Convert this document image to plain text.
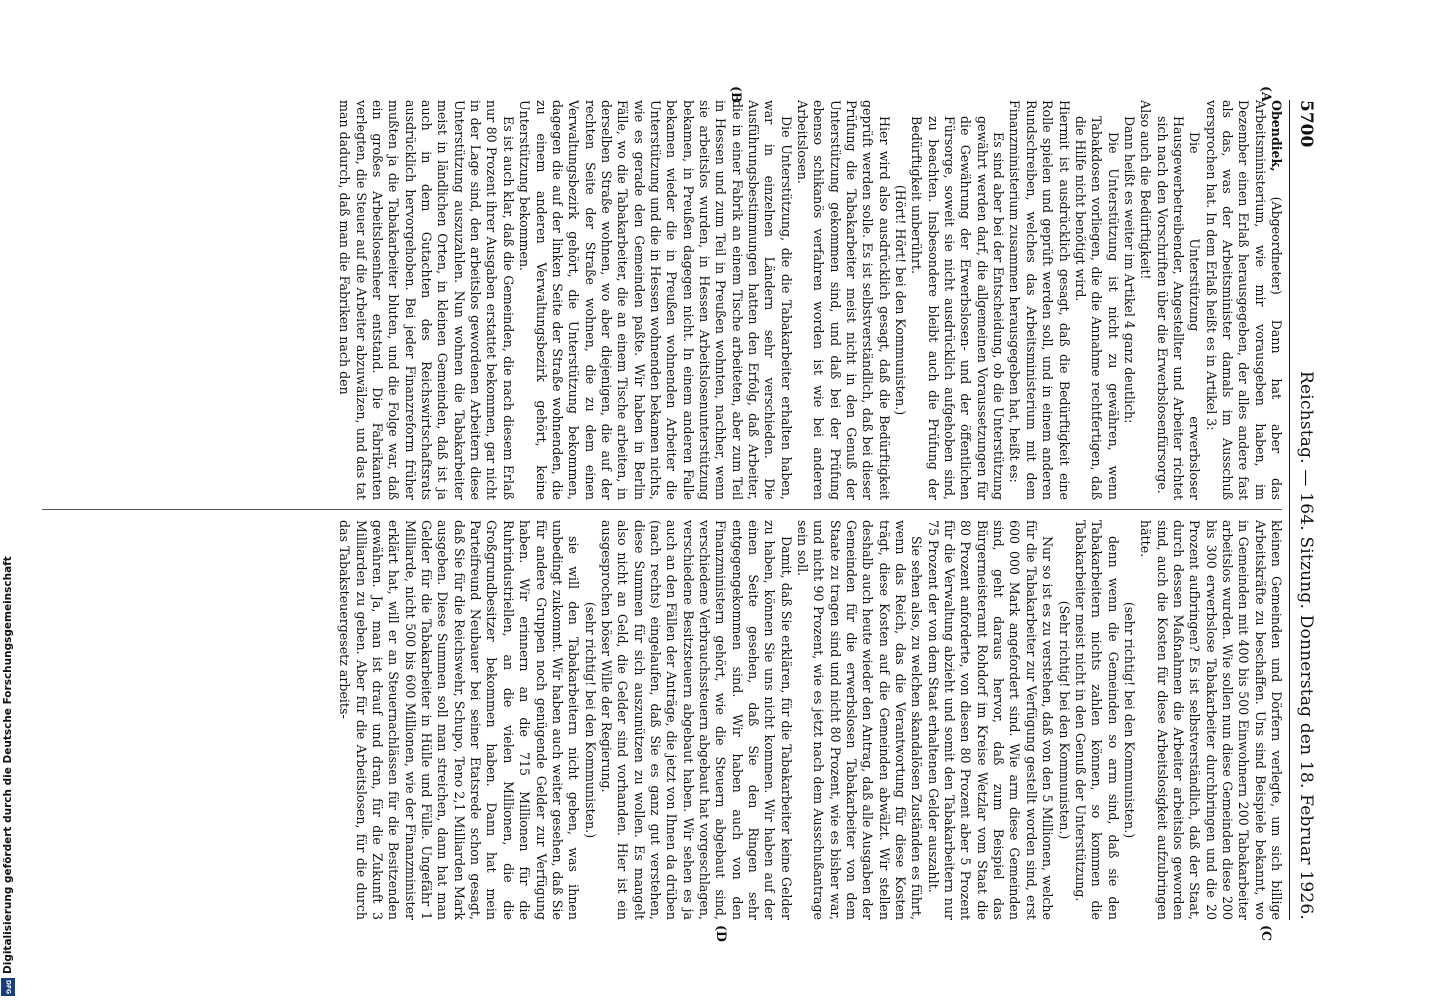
5700
Reichstag. — 164. Sitzung. Donnerstag den 18. Februar 1926.
(A
(B
(C
(D

Obendiek, (Abgeordneter) Dann hat aber das Arbeitsministerium, wie mir vorausgeben haben, im Dezember einen Erlaß herausgegeben, der alles andere fast als das, was der Arbeitsminister damals im Ausschuß versprochen hat. In dem Erlaß heißt es in Artikel 3:

Die Unterstützung erwerbsloser Hausgewerbetreibender, Angestellter und Arbeiter richtet sich nach den Vorschriften über die Erwerbslosenfürsorge.

Also auch die Bedürftigkeit!

Dann heißt es weiter im Artikel 4 ganz deutlich:

Die Unterstützung ist nicht zu gewähren, wenn Tabakdosen vorliegen, die die Annahme rechtfertigen, daß die Hilfe nicht benötigt wird.

Hiermit ist ausdrücklich gesagt, daß die Bedürftigkeit eine Rolle spielen und geprüft werden soll, und in einem anderen Rundschreiben, welches das Arbeitsministerium mit dem Finanzministerium zusammen herausgegeben hat, heißt es:

Es sind aber bei der Entscheidung, ob die Unterstützung gewährt werden darf, die allgemeinen Voraussetzungen für die Gewährung der Erwerbslosen- und der öffentlichen Fürsorge, soweit sie nicht ausdrücklich aufgehoben sind, zu beachten. Insbesondere bleibt auch die Prüfung der Bedürftigkeit unberührt.

(Hört! Hört! bei den Kommunisten.)

Hier wird also ausdrücklich gesagt, daß die Bedürftigkeit geprüft werden solle. Es ist selbstverständlich, daß bei dieser Prüfung die Tabakarbeiter meist nicht in den Genuß der Unterstützung gekommen sind, und daß bei der Prüfung ebenso schikanös verfahren worden ist wie bei anderen Arbeitslosen.

Die Unterstützung, die die Tabakarbeiter erhalten haben, war in einzelnen Ländern sehr verschieden. Die Ausführungsbestimmungen hatten den Erfolg, daß Arbeiter, die in einer Fabrik an einem Tische arbeiteten, aber zum Teil in Hessen und zum Teil in Preußen wohnten, nachher, wenn sie arbeitslos wurden, in Hessen Arbeitslosenunterstützung bekamen, in Preußen dagegen nicht. In einem anderen Falle bekamen wieder die in Preußen wohnenden Arbeiter die Unterstützung und die in Hessen wohnenden bekamen nichts, wie es gerade den Gemeinden paßte. Wir haben in Berlin Fälle, wo die Tabakarbeiter, die an einem Tische arbeiten, in derselben Straße wohnen, wo aber diejenigen, die auf der rechten Seite der Straße wohnen, die zu dem einen Verwaltungsbezirk gehört, die Unterstützung bekommen, dagegen die auf der linken Seite der Straße wohnenden, die zu einem anderen Verwaltungsbezirk gehört, keine Unterstützung bekommen.

Es ist auch klar, daß die Gemeinden, die nach diesem Erlaß nur 80 Prozent ihrer Ausgaben erstattet bekommen, gar nicht in der Lage sind, den arbeitslos gewordenen Arbeitern diese Unterstützung auszuzahlen. Nun wohnen die Tabakarbeiter meist in ländlichen Orten, in kleinen Gemeinden, daß ist ja auch in dem Gutachten des Reichswirtschaftsrats ausdrücklich hervorgehoben. Bei jeder Finanzreform früher mußten ja die Tabakarbeiter bluten, und die Folge war, daß ein großes Arbeitslosenheer entstand. Die Fabrikanten verlegten, die Steuer auf die Arbeiter abzuwälzen, und das tat man dadurch, daß man die Fabriken nach den

kleinen Gemeinden und Dörfern verlegte, um sich billige Arbeitskräfte zu beschaffen. Uns sind Beispiele bekannt, wo in Gemeinden mit 400 bis 500 Einwohnern 200 Tabakarbeiter arbeitslos wurden. Wie sollen nun diese Gemeinden diese 200 bis 300 erwerbslose Tabakarbeiter durchbringen und die 20 Prozent aufbringen? Es ist selbstverständlich, daß der Staat, durch dessen Maßnahmen die Arbeiter arbeitslos geworden sind, auch die Kosten für diese Arbeitslosigkeit aufzubringen hätte.

(sehr richtig! bei den Kommunisten.)

denn wenn die Gemeinden so arm sind, daß sie den Tabakarbeitern nichts zahlen können, so kommen die Tabakarbeiter meist nicht in den Genuß der Unterstützung.

(Sehr richtig! bei den Kommunisten.)

Nur so ist es zu verstehen, daß von den 5 Millionen, welche für die Tabakarbeiter zur Verfügung gestellt worden sind, erst 600 000 Mark angefordert sind. Wie arm diese Gemeinden sind, geht daraus hervor, daß zum Beispiel das Bürgermeisteramt Rohdorf im Kreise Wetzlar vom Staat die 80 Prozent anforderte, von diesen 80 Prozent aber 5 Prozent für die Verwaltung abzieht und somit den Tabakarbeitern nur 75 Prozent der von dem Staat erhaltenen Gelder auszahlt.

Sie sehen also, zu welchen skandalösen Zuständen es führt, wenn das Reich, das die Verantwortung für diese Kosten trägt, diese Kosten auf die Gemeinden abwälzt. Wir stellen deshalb auch heute wieder den Antrag, daß alle Ausgaben der Gemeinden für die erwerbslosen Tabakarbeiter von dem Staate zu tragen sind und nicht 80 Prozent, wie es bisher war, und nicht 90 Prozent, wie es jetzt nach dem Ausschußantrage sein soll.

Damit, daß Sie erklären, für die Tabakarbeiter keine Gelder zu haben, können Sie uns nicht kommen. Wir haben auf der einen Seite gesehen, daß Sie den Ringen sehr entgegengekommen sind. Wir haben auch von den Finanzministern gehört, wie die Steuern abgebaut sind, verschiedene Verbrauchssteuern abgebaut hat vorgeschlagen, verschiedene Besitzsteuern abgebaut haben. Wir sehen es ja auch an den Fällen der Anträge, die jetzt von Ihnen da drüben (nach rechts) eingelaufen, daß Sie es ganz gut verstehen, diese Summen für sich auszunützen zu wollen. Es mangelt also nicht an Geld, die Gelder sind vorhanden. Hier ist ein ausgesprochen böser Wille der Regierung.

(sehr richtig! bei den Kommunisten.)

sie will den Tabakarbeitern nicht geben, was ihnen unbedingt zukommt. Wir haben auch weiter gesehen, daß Sie für andere Gruppen noch genügende Gelder zur Verfügung haben. Wir erinnern an die 715 Millionen für die Ruhrindustriellen, an die vielen Millionen, die die Großgrundbesitzer bekommen haben. Dann hat mein Parteifreund Neubauer bei seiner Etatsrede schon gesagt, daß Sie für die Reichswehr, Schupo, Teno 2,1 Milliarden Mark ausgeben. Diese Summen soll man streichen, dann hat man Gelder für die Tabakarbeiter in Hülle und Fülle. Ungefähr 1 Milliarde, nicht 500 bis 600 Millionen, wie der Finanzminister erklärt hat, will er an Steuernachlässen für die Besitzenden gewähren. Ja, man ist drauf und dran, für die Zukunft 3 Milliarden zu geben. Aber für die Arbeitslosen, für die durch das Tabaksteuergesetz arbeits-

Digitalisierung gefördert durch die Deutsche Forschungsgemeinschaft
DFG
